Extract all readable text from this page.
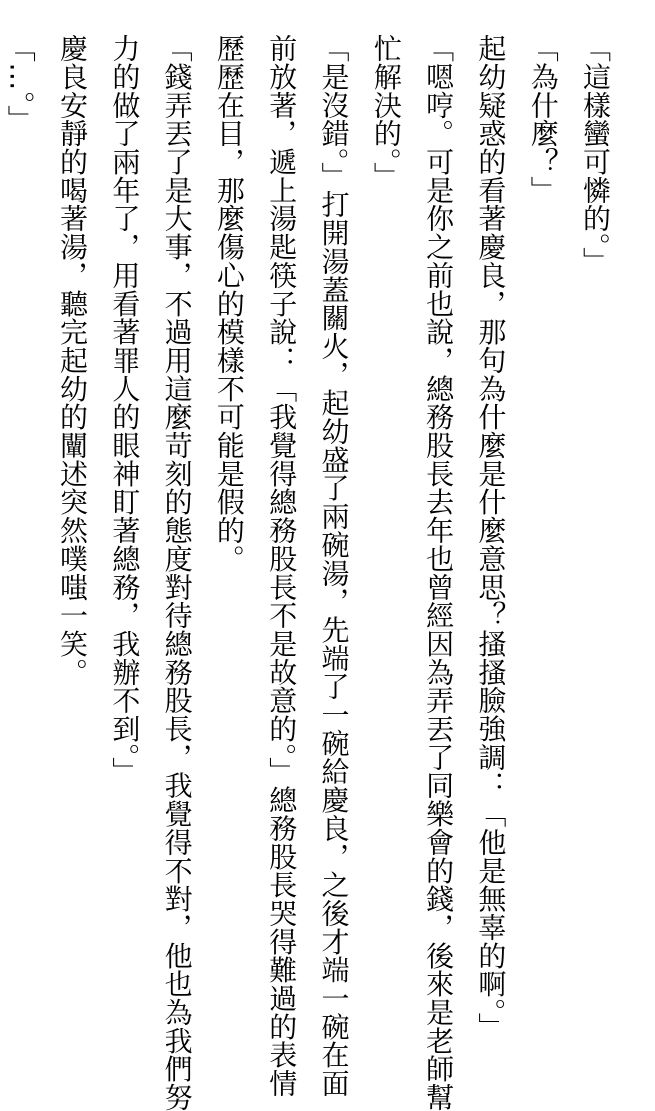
「這樣蠻可憐的。」
「為什麼？」
起幼疑惑的看著慶良，那句為什麼是什麼意思？搔搔臉強調：「他是無辜的啊。」
「嗯哼。可是你之前也說，總務股長去年也曾經因為弄丟了同樂會的錢，後來是老師幫
忙解決的。」
「是沒錯。」打開湯蓋關火，起幼盛了兩碗湯，先端了一碗給慶良，之後才端一碗在面
前放著，遞上湯匙筷子說：「我覺得總務股長不是故意的。」總務股長哭得難過的表情
歷歷在目，那麼傷心的模樣不可能是假的。
「錢弄丟了是大事，不過用這麼苛刻的態度對待總務股長，我覺得不對，他也為我們努
力的做了兩年了，用看著罪人的眼神盯著總務，我辦不到。」
慶良安靜的喝著湯，聽完起幼的闡述突然噗嗤一笑。
「…。」
